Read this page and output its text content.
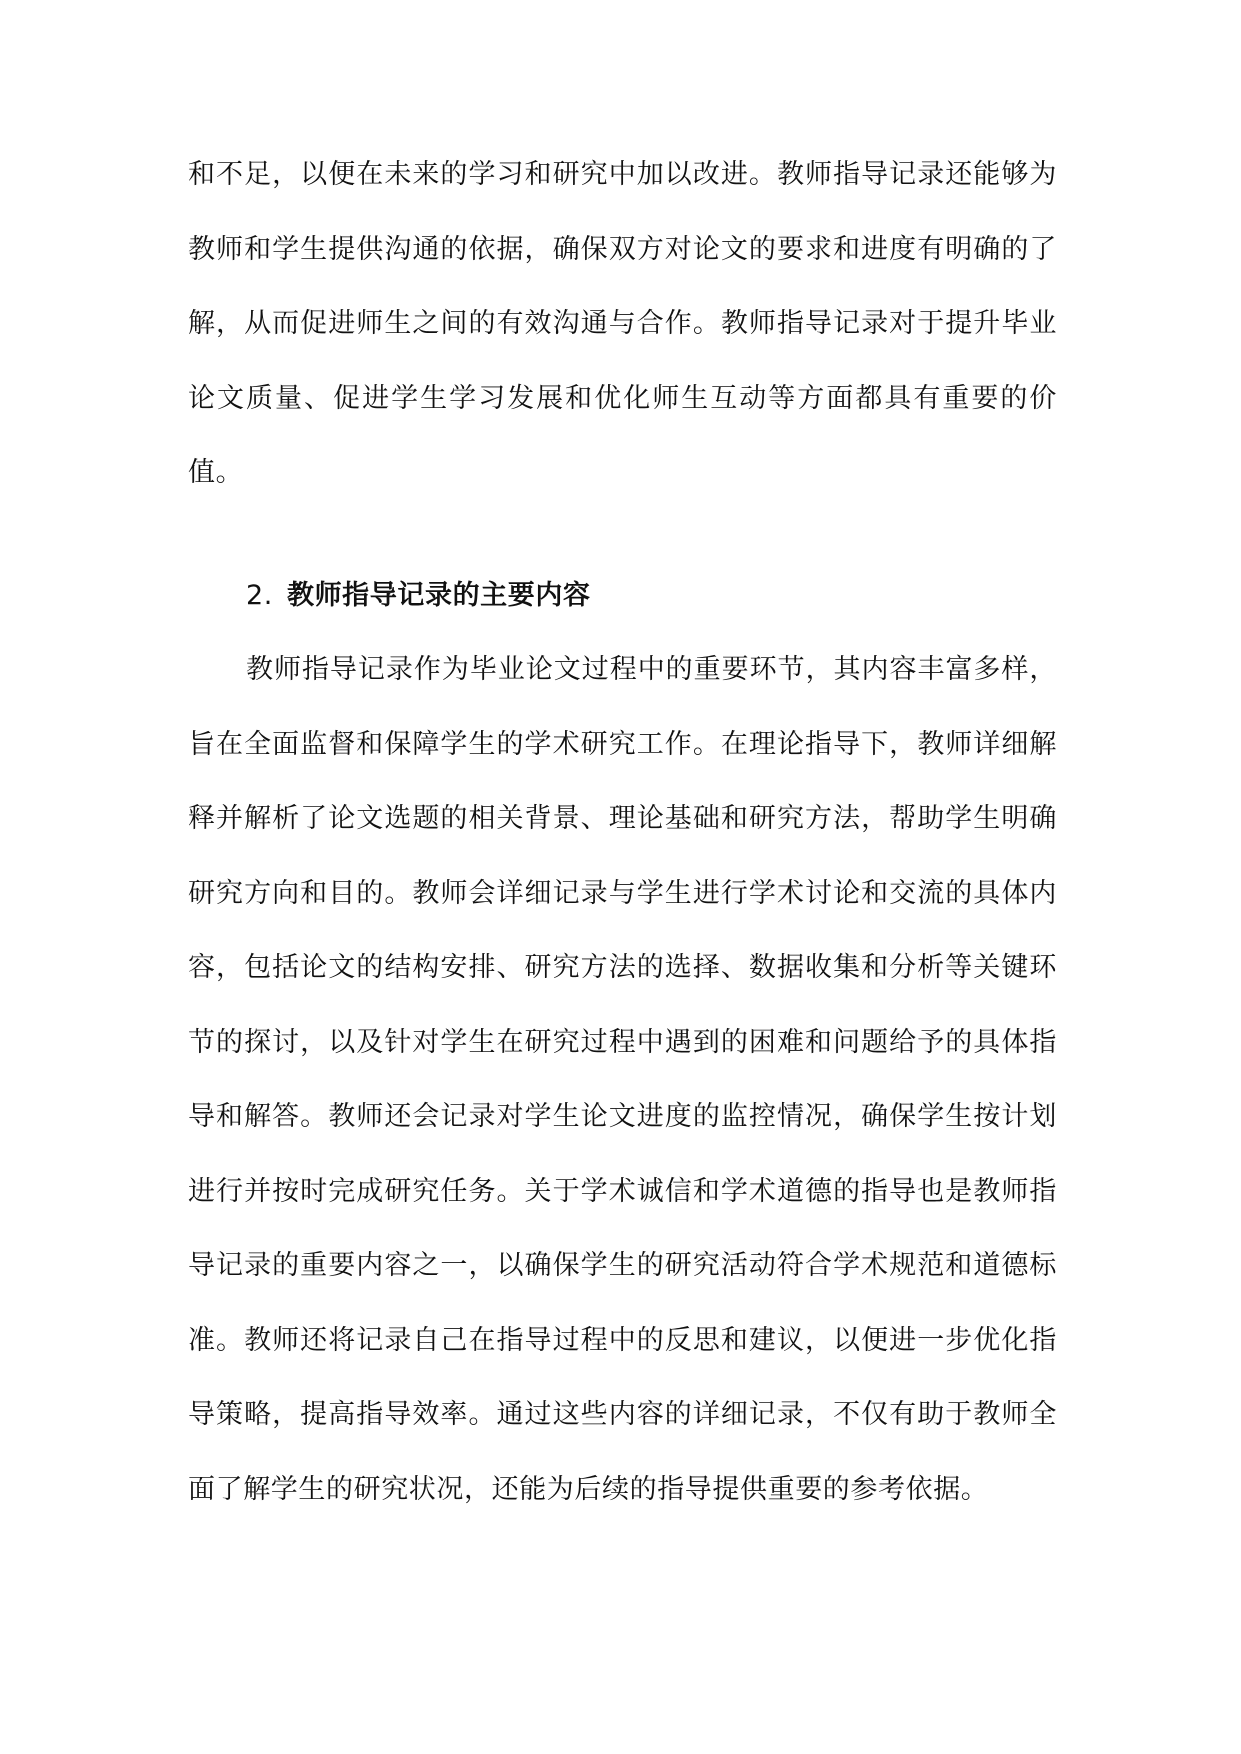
和不足，以便在未来的学习和研究中加以改进。教师指导记录还能够为教师和学生提供沟通的依据，确保双方对论文的要求和进度有明确的了解，从而促进师生之间的有效沟通与合作。教师指导记录对于提升毕业论文质量、促进学生学习发展和优化师生互动等方面都具有重要的价值。

2. 教师指导记录的主要内容

教师指导记录作为毕业论文过程中的重要环节，其内容丰富多样，旨在全面监督和保障学生的学术研究工作。在理论指导下，教师详细解释并解析了论文选题的相关背景、理论基础和研究方法，帮助学生明确研究方向和目的。教师会详细记录与学生进行学术讨论和交流的具体内容，包括论文的结构安排、研究方法的选择、数据收集和分析等关键环节的探讨，以及针对学生在研究过程中遇到的困难和问题给予的具体指导和解答。教师还会记录对学生论文进度的监控情况，确保学生按计划进行并按时完成研究任务。关于学术诚信和学术道德的指导也是教师指导记录的重要内容之一，以确保学生的研究活动符合学术规范和道德标准。教师还将记录自己在指导过程中的反思和建议，以便进一步优化指导策略，提高指导效率。通过这些内容的详细记录，不仅有助于教师全面了解学生的研究状况，还能为后续的指导提供重要的参考依据。
